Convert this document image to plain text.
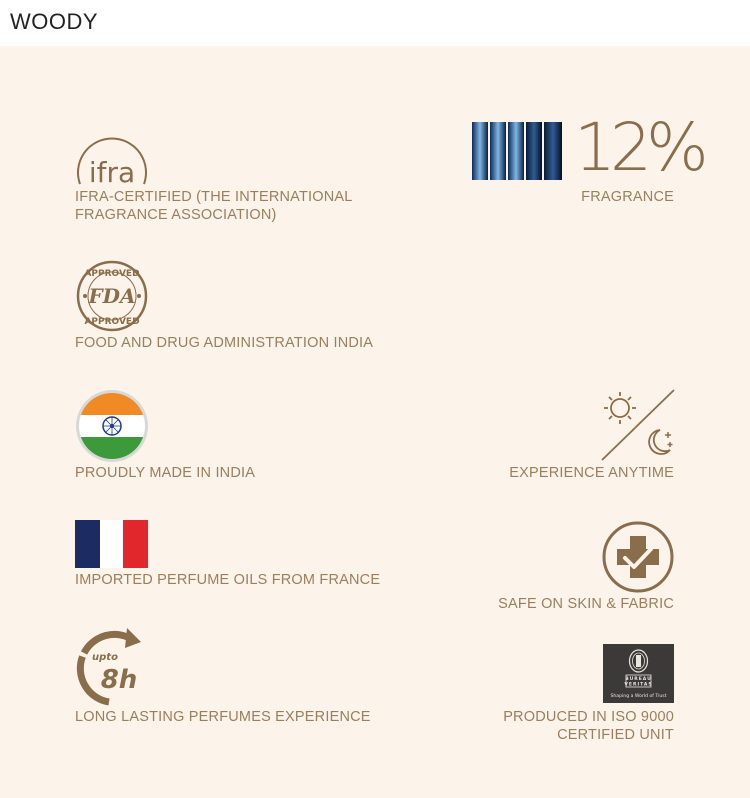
WOODY
ifra
IFRA-CERTIFIED (THE INTERNATIONAL
FRAGRANCE ASSOCIATION)
12%
FRAGRANCE
APPROVED
FDA
APPROVED
FOOD AND DRUG ADMINISTRATION INDIA
PROUDLY MADE IN INDIA	EXPERIENCE ANYTIME
IMPORTED PERFUME OILS FROM FRANCE
SAFE ON SKIN & FABRIC
upto
8h
LONG LASTING PERFUMES EXPERIENCE
BUREAU
VERITAS
Shaping a World of Trust
PRODUCED IN ISO 9000
CERTIFIED UNIT
